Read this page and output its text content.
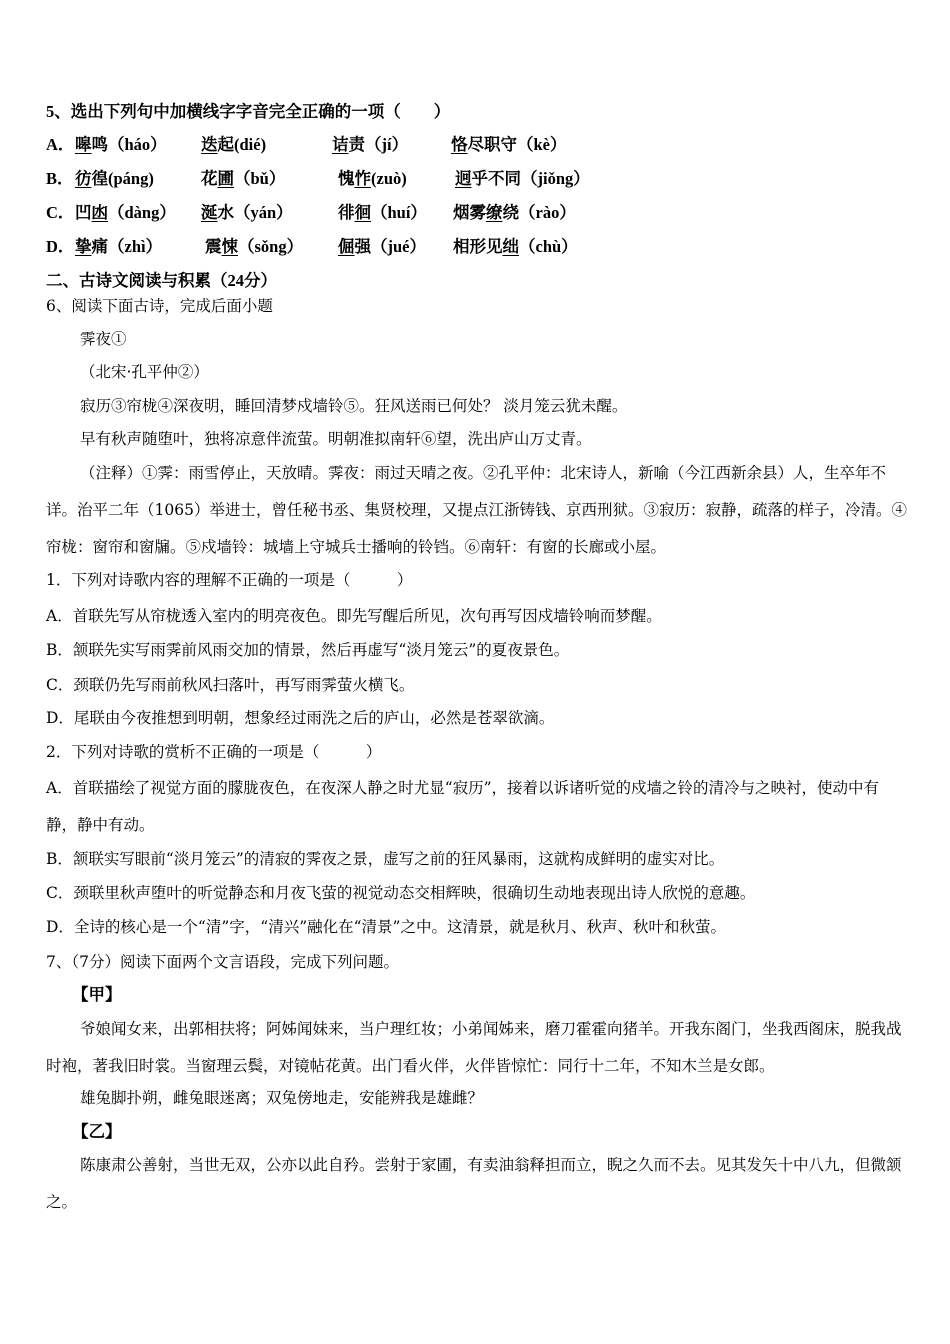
5、选出下列句中加横线字字音完全正确的一项（　　）
A． 嗥鸣（háo） 迭起(dié)	诘责（jí）	恪尽职守（kè）
B． 彷徨(páng)	花圃（bǔ）	愧怍(zuò)	迥乎不同（jiǒng）
C． 凹凼（dàng） 涎水（yán）	徘徊（huí） 烟雾缭绕（rào）
D． 挚痛（zhì）	震悚（sǒng） 倔强（jué） 相形见绌（chù）
二、古诗文阅读与积累（24分）
6、阅读下面古诗，完成后面小题
霁夜①
（北宋·孔平仲②）
寂历③帘栊④深夜明，睡回清梦戍墙铃⑤。狂风送雨已何处？ 淡月笼云犹未醒。
早有秋声随堕叶，独将凉意伴流萤。明朝准拟南轩⑥望，洗出庐山万丈青。
（注释）①霁：雨雪停止，天放晴。霁夜：雨过天晴之夜。②孔平仲：北宋诗人，新喻（今江西新余县）人，生卒年不详。治平二年（1065）举进士，曾任秘书丞、集贤校理，又提点江浙铸钱、京西刑狱。③寂历：寂静，疏落的样子，冷清。④帘栊：窗帘和窗牖。⑤戍墙铃：城墙上守城兵士播响的铃铛。⑥南轩：有窗的长廊或小屋。
1．下列对诗歌内容的理解不正确的一项是（　　　）
A．首联先写从帘栊透入室内的明亮夜色。即先写醒后所见，次句再写因戍墙铃响而梦醒。
B．颔联先实写雨霁前风雨交加的情景，然后再虚写“淡月笼云”的夏夜景色。
C．颈联仍先写雨前秋风扫落叶，再写雨霁萤火横飞。
D．尾联由今夜推想到明朝，想象经过雨洗之后的庐山，必然是苍翠欲滴。
2．下列对诗歌的赏析不正确的一项是（　　　）
A．首联描绘了视觉方面的朦胧夜色，在夜深人静之时尤显“寂历”，接着以诉诸听觉的戍墙之铃的清冷与之映衬，使动中有静，静中有动。
B．颔联实写眼前“淡月笼云”的清寂的霁夜之景，虚写之前的狂风暴雨，这就构成鲜明的虚实对比。
C．颈联里秋声堕叶的听觉静态和月夜飞萤的视觉动态交相辉映，很确切生动地表现出诗人欣悦的意趣。
D．全诗的核心是一个“清”字，“清兴”融化在“清景”之中。这清景，就是秋月、秋声、秋叶和秋萤。
7、（7分）阅读下面两个文言语段，完成下列问题。
【甲】
爷娘闻女来，出郭相扶将；阿姊闻妹来，当户理红妆；小弟闻姊来，磨刀霍霍向猪羊。开我东阁门，坐我西阁床，脱我战时袍，著我旧时裳。当窗理云鬓，对镜帖花黄。出门看火伴，火伴皆惊忙：同行十二年，不知木兰是女郎。
雄兔脚扑朔，雌兔眼迷离；双兔傍地走，安能辨我是雄雌？
【乙】
陈康肃公善射，当世无双，公亦以此自矜。尝射于家圃，有卖油翁释担而立，睨之久而不去。见其发矢十中八九，但微颔之。
